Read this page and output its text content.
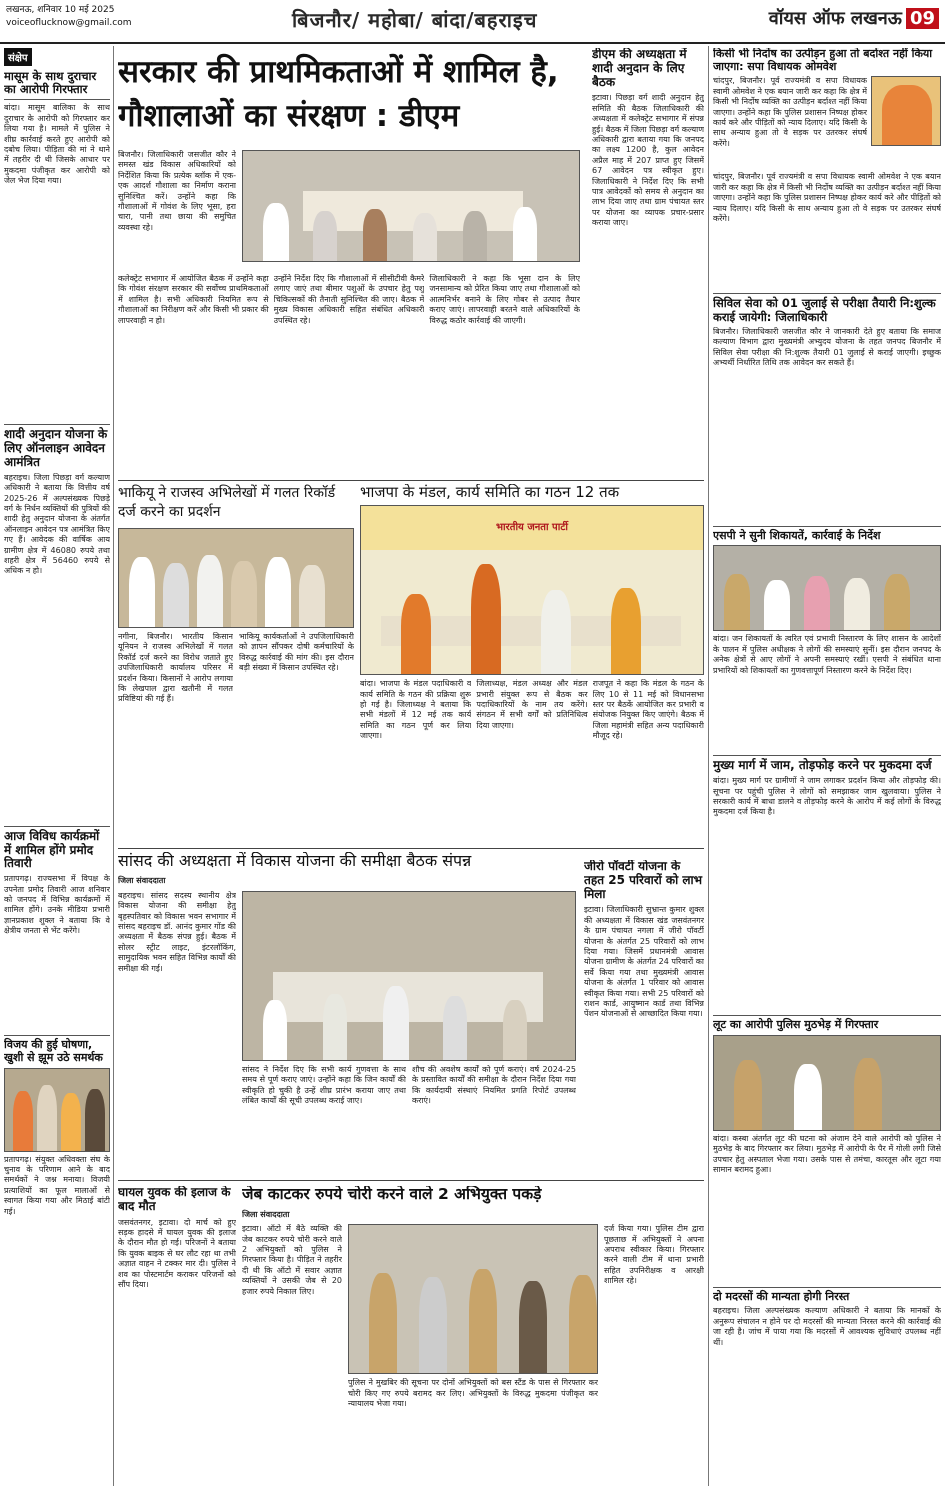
लखनऊ, शनिवार 10 मई 2025
voiceoflucknow@gmail.com	बिजनौर/ महोबा/ बांदा/बहराइच	वॉयस ऑफ लखनऊ 09
संक्षेप
मासूम के साथ दुराचार का आरोपी गिरफ्तार
बांदा। मासूम बालिका के साथ दुराचार के आरोपी को गिरफ्तार कर लिया गया है। मामले में पुलिस ने शीघ्र कार्रवाई करते हुए आरोपी को दबोच लिया। पीड़िता की मां ने थाने में तहरीर दी थी जिसके आधार पर मुकदमा पंजीकृत कर आरोपी को जेल भेज दिया गया।
शादी अनुदान योजना के लिए ऑनलाइन आवेदन आमंत्रित
बहराइच। जिला पिछड़ा वर्ग कल्याण अधिकारी ने बताया कि वित्तीय वर्ष 2025-26 में अल्पसंख्यक पिछड़े वर्ग के निर्धन व्यक्तियों की पुत्रियों की शादी हेतु अनुदान योजना के अंतर्गत ऑनलाइन आवेदन पत्र आमंत्रित किए गए हैं। आवेदक की वार्षिक आय ग्रामीण क्षेत्र में 46080 रुपये तथा शहरी क्षेत्र में 56460 रुपये से अधिक न हो।
आज विविध कार्यक्रमों में शामिल होंगे प्रमोद तिवारी
प्रतापगढ़। राज्यसभा में विपक्ष के उपनेता प्रमोद तिवारी आज शनिवार को जनपद में विभिन्न कार्यक्रमों में शामिल होंगे। उनके मीडिया प्रभारी ज्ञानप्रकाश शुक्ल ने बताया कि वे क्षेत्रीय जनता से भेंट करेंगे।
विजय की हुई घोषणा, खुशी से झूम उठे समर्थक
प्रतापगढ़। संयुक्त अधिवक्ता संघ के चुनाव के परिणाम आने के बाद समर्थकों ने जश्न मनाया। विजयी प्रत्याशियों का फूल मालाओं से स्वागत किया गया और मिठाई बांटी गई।
सरकार की प्राथमिकताओं में शामिल है, गौशालाओं का संरक्षण : डीएम
बिजनौर। जिलाधिकारी जसजीत कौर ने समस्त खंड विकास अधिकारियों को निर्देशित किया कि प्रत्येक ब्लॉक में एक-एक आदर्श गौशाला का निर्माण कराना सुनिश्चित करें। उन्होंने कहा कि गौशालाओं में गोवंश के लिए भूसा, हरा चारा, पानी तथा छाया की समुचित व्यवस्था रहे।
कलेक्ट्रेट सभागार में आयोजित बैठक में उन्होंने कहा कि गोवंश संरक्षण सरकार की सर्वोच्च प्राथमिकताओं में शामिल है। सभी अधिकारी नियमित रूप से गौशालाओं का निरीक्षण करें और किसी भी प्रकार की लापरवाही न हो।
उन्होंने निर्देश दिए कि गौशालाओं में सीसीटीवी कैमरे लगाए जाएं तथा बीमार पशुओं के उपचार हेतु पशु चिकित्सकों की तैनाती सुनिश्चित की जाए। बैठक में मुख्य विकास अधिकारी सहित संबंधित अधिकारी उपस्थित रहे।
जिलाधिकारी ने कहा कि भूसा दान के लिए जनसामान्य को प्रेरित किया जाए तथा गौशालाओं को आत्मनिर्भर बनाने के लिए गोबर से उत्पाद तैयार कराए जाएं। लापरवाही बरतने वाले अधिकारियों के विरुद्ध कठोर कार्रवाई की जाएगी।
डीएम की अध्यक्षता में शादी अनुदान के लिए बैठक
इटावा। पिछड़ा वर्ग शादी अनुदान हेतु समिति की बैठक जिलाधिकारी की अध्यक्षता में कलेक्ट्रेट सभागार में संपन्न हुई। बैठक में जिला पिछड़ा वर्ग कल्याण अधिकारी द्वारा बताया गया कि जनपद का लक्ष्य 1200 है, कुल आवेदन अप्रैल माह में 207 प्राप्त हुए जिसमें 67 आवेदन पत्र स्वीकृत हुए। जिलाधिकारी ने निर्देश दिए कि सभी पात्र आवेदकों को समय से अनुदान का लाभ दिया जाए तथा ग्राम पंचायत स्तर पर योजना का व्यापक प्रचार-प्रसार कराया जाए।
भाकियू ने राजस्व अभिलेखों में गलत रिकॉर्ड दर्ज करने का प्रदर्शन
नगीना, बिजनौर। भारतीय किसान यूनियन ने राजस्व अभिलेखों में गलत रिकॉर्ड दर्ज करने का विरोध जताते हुए उपजिलाधिकारी कार्यालय परिसर में प्रदर्शन किया। किसानों ने आरोप लगाया कि लेखपाल द्वारा खतौनी में गलत प्रविष्टियां की गई हैं।
भाकियू कार्यकर्ताओं ने उपजिलाधिकारी को ज्ञापन सौंपकर दोषी कर्मचारियों के विरुद्ध कार्रवाई की मांग की। इस दौरान बड़ी संख्या में किसान उपस्थित रहे।
भाजपा के मंडल, कार्य समिति का गठन 12 तक
भारतीय जनता पार्टी
बांदा। भाजपा के मंडल पदाधिकारी व कार्य समिति के गठन की प्रक्रिया शुरू हो गई है। जिलाध्यक्ष ने बताया कि सभी मंडलों में 12 मई तक कार्य समिति का गठन पूर्ण कर लिया जाएगा।
जिलाध्यक्ष, मंडल अध्यक्ष और मंडल प्रभारी संयुक्त रूप से बैठक कर पदाधिकारियों के नाम तय करेंगे। संगठन में सभी वर्गों को प्रतिनिधित्व दिया जाएगा।
राजपूत ने कहा कि मंडल के गठन के लिए 10 से 11 मई को विधानसभा स्तर पर बैठकें आयोजित कर प्रभारी व संयोजक नियुक्त किए जाएंगे। बैठक में जिला महामंत्री सहित अन्य पदाधिकारी मौजूद रहे।
सांसद की अध्यक्षता में विकास योजना की समीक्षा बैठक संपन्न
जिला संवाददाता
बहराइच। सांसद सदस्य स्थानीय क्षेत्र विकास योजना की समीक्षा हेतु बृहस्पतिवार को विकास भवन सभागार में सांसद बहराइच डॉ. आनंद कुमार गोंड की अध्यक्षता में बैठक संपन्न हुई। बैठक में सोलर स्ट्रीट लाइट, इंटरलॉकिंग, सामुदायिक भवन सहित विभिन्न कार्यों की समीक्षा की गई।
सांसद ने निर्देश दिए कि सभी कार्य गुणवत्ता के साथ समय से पूर्ण कराए जाएं। उन्होंने कहा कि जिन कार्यों की स्वीकृति हो चुकी है उन्हें शीघ्र प्रारंभ कराया जाए तथा लंबित कार्यों की सूची उपलब्ध कराई जाए।
शौच की अवशेष कार्यों को पूर्ण कराएं। वर्ष 2024-25 के प्रस्तावित कार्यों की समीक्षा के दौरान निर्देश दिया गया कि कार्यदायी संस्थाएं नियमित प्रगति रिपोर्ट उपलब्ध कराएं।
जीरो पॉवर्टी योजना के तहत 25 परिवारों को लाभ मिला
इटावा। जिलाधिकारी सुभ्रान्त कुमार शुक्ल की अध्यक्षता में विकास खंड जसवंतनगर के ग्राम पंचायत नगला में जीरो पॉवर्टी योजना के अंतर्गत 25 परिवारों को लाभ दिया गया। जिसमें प्रधानमंत्री आवास योजना ग्रामीण के अंतर्गत 24 परिवारों का सर्वे किया गया तथा मुख्यमंत्री आवास योजना के अंतर्गत 1 परिवार को आवास स्वीकृत किया गया। सभी 25 परिवारों को राशन कार्ड, आयुष्मान कार्ड तथा विभिन्न पेंशन योजनाओं से आच्छादित किया गया।
घायल युवक की इलाज के बाद मौत
जसवंतनगर, इटावा। दो मार्च को हुए सड़क हादसे में घायल युवक की इलाज के दौरान मौत हो गई। परिजनों ने बताया कि युवक बाइक से घर लौट रहा था तभी अज्ञात वाहन ने टक्कर मार दी। पुलिस ने शव का पोस्टमार्टम कराकर परिजनों को सौंप दिया।
जेब काटकर रुपये चोरी करने वाले 2 अभियुक्त पकड़े
जिला संवाददाता
इटावा। ऑटो में बैठे व्यक्ति की जेब काटकर रुपये चोरी करने वाले 2 अभियुक्तों को पुलिस ने गिरफ्तार किया है। पीड़ित ने तहरीर दी थी कि ऑटो में सवार अज्ञात व्यक्तियों ने उसकी जेब से 20 हजार रुपये निकाल लिए।
पुलिस ने मुखबिर की सूचना पर दोनों अभियुक्तों को बस स्टैंड के पास से गिरफ्तार कर चोरी किए गए रुपये बरामद कर लिए। अभियुक्तों के विरुद्ध मुकदमा पंजीकृत कर न्यायालय भेजा गया।
दर्ज किया गया। पुलिस टीम द्वारा पूछताछ में अभियुक्तों ने अपना अपराध स्वीकार किया। गिरफ्तार करने वाली टीम में थाना प्रभारी सहित उपनिरीक्षक व आरक्षी शामिल रहे।
किसी भी निर्दोष का उत्पीड़न हुआ तो बर्दाश्त नहीं किया जाएगा: सपा विधायक ओमवेश
चांदपुर, बिजनौर। पूर्व राज्यमंत्री व सपा विधायक स्वामी ओमवेश ने एक बयान जारी कर कहा कि क्षेत्र में किसी भी निर्दोष व्यक्ति का उत्पीड़न बर्दाश्त नहीं किया जाएगा। उन्होंने कहा कि पुलिस प्रशासन निष्पक्ष होकर कार्य करे और पीड़ितों को न्याय दिलाए। यदि किसी के साथ अन्याय हुआ तो वे सड़क पर उतरकर संघर्ष करेंगे।
चांदपुर, बिजनौर। पूर्व राज्यमंत्री व सपा विधायक स्वामी ओमवेश ने एक बयान जारी कर कहा कि क्षेत्र में किसी भी निर्दोष व्यक्ति का उत्पीड़न बर्दाश्त नहीं किया जाएगा। उन्होंने कहा कि पुलिस प्रशासन निष्पक्ष होकर कार्य करे और पीड़ितों को न्याय दिलाए। यदि किसी के साथ अन्याय हुआ तो वे सड़क पर उतरकर संघर्ष करेंगे।
सिविल सेवा को 01 जुलाई से परीक्षा तैयारी नि:शुल्क कराई जायेगी: जिलाधिकारी
बिजनौर। जिलाधिकारी जसजीत कौर ने जानकारी देते हुए बताया कि समाज कल्याण विभाग द्वारा मुख्यमंत्री अभ्युदय योजना के तहत जनपद बिजनौर में सिविल सेवा परीक्षा की नि:शुल्क तैयारी 01 जुलाई से कराई जाएगी। इच्छुक अभ्यर्थी निर्धारित तिथि तक आवेदन कर सकते हैं।
एसपी ने सुनी शिकायतें, कार्रवाई के निर्देश
बांदा। जन शिकायतों के त्वरित एवं प्रभावी निस्तारण के लिए शासन के आदेशों के पालन में पुलिस अधीक्षक ने लोगों की समस्याएं सुनीं। इस दौरान जनपद के अनेक क्षेत्रों से आए लोगों ने अपनी समस्याएं रखीं। एसपी ने संबंधित थाना प्रभारियों को शिकायतों का गुणवत्तापूर्ण निस्तारण करने के निर्देश दिए।
मुख्य मार्ग में जाम, तोड़फोड़ करने पर मुकदमा दर्ज
बांदा। मुख्य मार्ग पर ग्रामीणों ने जाम लगाकर प्रदर्शन किया और तोड़फोड़ की। सूचना पर पहुंची पुलिस ने लोगों को समझाकर जाम खुलवाया। पुलिस ने सरकारी कार्य में बाधा डालने व तोड़फोड़ करने के आरोप में कई लोगों के विरुद्ध मुकदमा दर्ज किया है।
लूट का आरोपी पुलिस मुठभेड़ में गिरफ्तार
बांदा। कस्बा अंतर्गत लूट की घटना को अंजाम देने वाले आरोपी को पुलिस ने मुठभेड़ के बाद गिरफ्तार कर लिया। मुठभेड़ में आरोपी के पैर में गोली लगी जिसे उपचार हेतु अस्पताल भेजा गया। उसके पास से तमंचा, कारतूस और लूटा गया सामान बरामद हुआ।
दो मदरसों की मान्यता होगी निरस्त
बहराइच। जिला अल्पसंख्यक कल्याण अधिकारी ने बताया कि मानकों के अनुरूप संचालन न होने पर दो मदरसों की मान्यता निरस्त करने की कार्रवाई की जा रही है। जांच में पाया गया कि मदरसों में आवश्यक सुविधाएं उपलब्ध नहीं थीं।
